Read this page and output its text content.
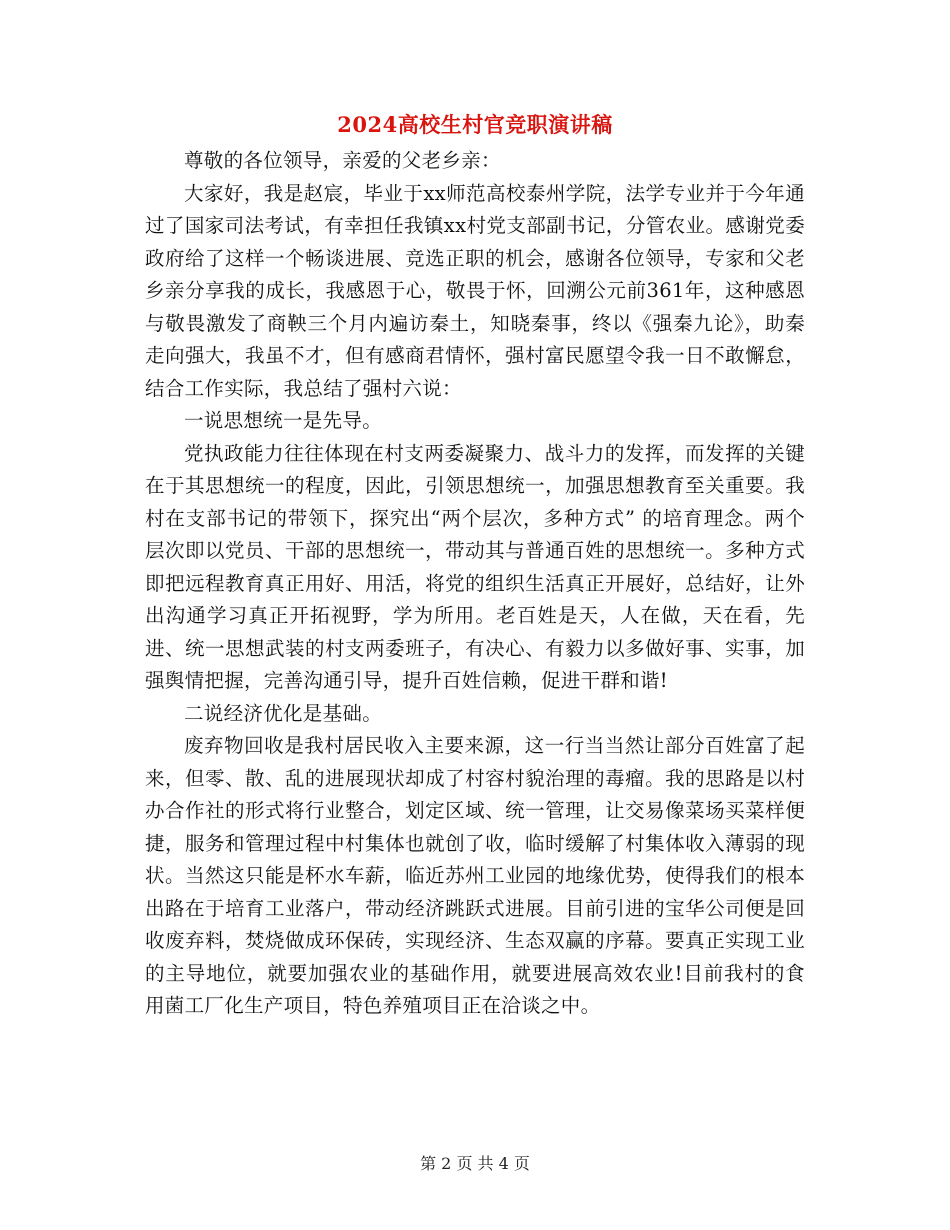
2024高校生村官竞职演讲稿

尊敬的各位领导，亲爱的父老乡亲：

大家好，我是赵宸，毕业于xx师范高校泰州学院，法学专业并于今年通过了国家司法考试，有幸担任我镇xx村党支部副书记，分管农业。感谢党委政府给了这样一个畅谈进展、竞选正职的机会，感谢各位领导，专家和父老乡亲分享我的成长，我感恩于心，敬畏于怀，回溯公元前361年，这种感恩与敬畏激发了商鞅三个月内遍访秦土，知晓秦事，终以《强秦九论》，助秦走向强大，我虽不才，但有感商君情怀，强村富民愿望令我一日不敢懈怠，结合工作实际，我总结了强村六说：

一说思想统一是先导。

党执政能力往往体现在村支两委凝聚力、战斗力的发挥，而发挥的关键在于其思想统一的程度，因此，引领思想统一，加强思想教育至关重要。我村在支部书记的带领下，探究出“两个层次，多种方式” 的培育理念。两个层次即以党员、干部的思想统一，带动其与普通百姓的思想统一。多种方式即把远程教育真正用好、用活，将党的组织生活真正开展好，总结好，让外出沟通学习真正开拓视野，学为所用。老百姓是天，人在做，天在看，先进、统一思想武装的村支两委班子，有决心、有毅力以多做好事、实事，加强舆情把握，完善沟通引导，提升百姓信赖，促进干群和谐!

二说经济优化是基础。

废弃物回收是我村居民收入主要来源，这一行当当然让部分百姓富了起来，但零、散、乱的进展现状却成了村容村貌治理的毒瘤。我的思路是以村办合作社的形式将行业整合，划定区域、统一管理，让交易像菜场买菜样便捷，服务和管理过程中村集体也就创了收，临时缓解了村集体收入薄弱的现状。当然这只能是杯水车薪，临近苏州工业园的地缘优势，使得我们的根本出路在于培育工业落户，带动经济跳跃式进展。目前引进的宝华公司便是回收废弃料，焚烧做成环保砖，实现经济、生态双赢的序幕。要真正实现工业的主导地位，就要加强农业的基础作用，就要进展高效农业!目前我村的食用菌工厂化生产项目，特色养殖项目正在洽谈之中。

第 2 页 共 4 页
